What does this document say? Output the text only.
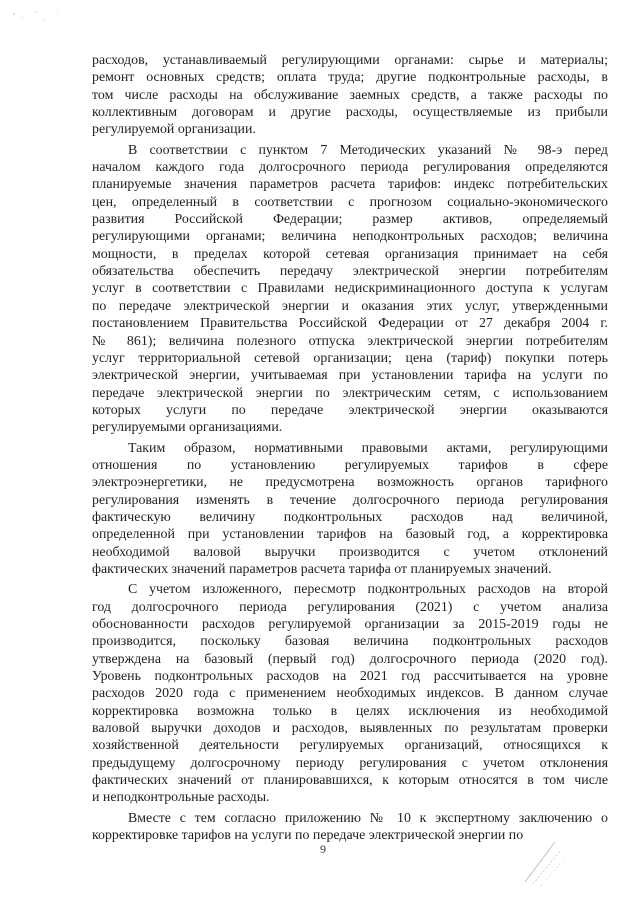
расходов, устанавливаемый регулирующими органами: сырье и материалы;
ремонт основных средств; оплата труда; другие подконтрольные расходы, в
том числе расходы на обслуживание заемных средств, а также расходы по
коллективным договорам и другие расходы, осуществляемые из прибыли
регулируемой организации.

В соответствии с пунктом 7 Методических указаний № 98-э перед
началом каждого года долгосрочного периода регулирования определяются
планируемые значения параметров расчета тарифов: индекс потребительских
цен, определенный в соответствии с прогнозом социально-экономического
развития Российской Федерации; размер активов, определяемый
регулирующими органами; величина неподконтрольных расходов; величина
мощности, в пределах которой сетевая организация принимает на себя
обязательства обеспечить передачу электрической энергии потребителям
услуг в соответствии с Правилами недискриминационного доступа к услугам
по передаче электрической энергии и оказания этих услуг, утвержденными
постановлением Правительства Российской Федерации от 27 декабря 2004 г.
№ 861); величина полезного отпуска электрической энергии потребителям
услуг территориальной сетевой организации; цена (тариф) покупки потерь
электрической энергии, учитываемая при установлении тарифа на услуги по
передаче электрической энергии по электрическим сетям, с использованием
которых услуги по передаче электрической энергии оказываются
регулируемыми организациями.

Таким образом, нормативными правовыми актами, регулирующими
отношения по установлению регулируемых тарифов в сфере
электроэнергетики, не предусмотрена возможность органов тарифного
регулирования изменять в течение долгосрочного периода регулирования
фактическую величину подконтрольных расходов над величиной,
определенной при установлении тарифов на базовый год, а корректировка
необходимой валовой выручки производится с учетом отклонений
фактических значений параметров расчета тарифа от планируемых значений.

С учетом изложенного, пересмотр подконтрольных расходов на второй
год долгосрочного периода регулирования (2021) с учетом анализа
обоснованности расходов регулируемой организации за 2015-2019 годы не
производится, поскольку базовая величина подконтрольных расходов
утверждена на базовый (первый год) долгосрочного периода (2020 год).
Уровень подконтрольных расходов на 2021 год рассчитывается на уровне
расходов 2020 года с применением необходимых индексов. В данном случае
корректировка возможна только в целях исключения из необходимой
валовой выручки доходов и расходов, выявленных по результатам проверки
хозяйственной деятельности регулируемых организаций, относящихся к
предыдущему долгосрочному периоду регулирования с учетом отклонения
фактических значений от планировавшихся, к которым относятся в том числе
и неподконтрольные расходы.

Вместе с тем согласно приложению № 10 к экспертному заключению о
корректировке тарифов на услуги по передаче электрической энергии по

9
